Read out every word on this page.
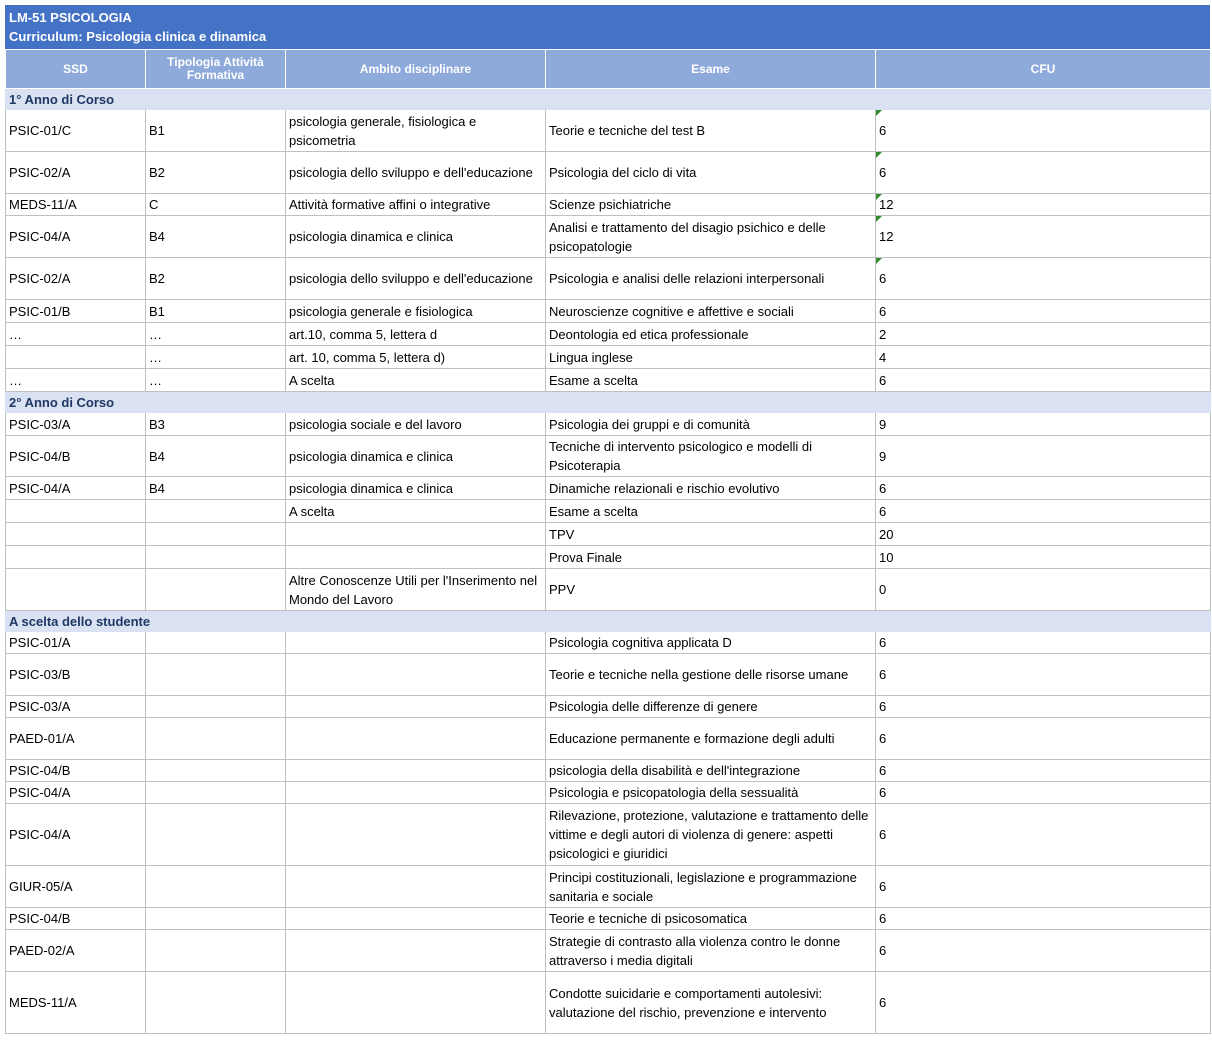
LM-51 PSICOLOGIA
Curriculum: Psicologia clinica e dinamica
SSD	Tipologia Attività Formativa	Ambito disciplinare	Esame	CFU
1° Anno di Corso				
PSIC-01/C	B1	psicologia generale, fisiologica e psicometria	Teorie e tecniche del test B	6
PSIC-02/A	B2	psicologia dello sviluppo e dell'educazione	Psicologia del ciclo di vita	6
MEDS-11/A	C	Attività formative affini o integrative	Scienze psichiatriche	12
PSIC-04/A	B4	psicologia dinamica e clinica	Analisi e trattamento del disagio psichico e delle psicopatologie	12
PSIC-02/A	B2	psicologia dello sviluppo e dell'educazione	Psicologia e analisi delle relazioni interpersonali	6
PSIC-01/B	B1	psicologia generale e fisiologica	Neuroscienze cognitive e affettive e sociali	6
…	…	art.10, comma 5, lettera d	Deontologia ed etica professionale	2
	…	art. 10, comma 5, lettera d)	Lingua inglese	4
…	…	A scelta	Esame a scelta	6
2° Anno di Corso				
PSIC-03/A	B3	psicologia sociale e del lavoro	Psicologia dei gruppi e di comunità	9
PSIC-04/B	B4	psicologia dinamica e clinica	Tecniche di intervento psicologico e modelli di Psicoterapia	9
PSIC-04/A	B4	psicologia dinamica e clinica	Dinamiche relazionali e rischio evolutivo	6
		A scelta	Esame a scelta	6
			TPV	20
			Prova Finale	10
		Altre Conoscenze Utili per l'Inserimento nel Mondo del Lavoro	PPV	0
A scelta dello studente				
PSIC-01/A			Psicologia cognitiva applicata D	6
PSIC-03/B			Teorie e tecniche nella gestione delle risorse umane	6
PSIC-03/A			Psicologia delle differenze di genere	6
PAED-01/A			Educazione permanente e formazione degli adulti	6
PSIC-04/B			psicologia della disabilità e dell'integrazione	6
PSIC-04/A			Psicologia e psicopatologia della sessualità	6
PSIC-04/A			Rilevazione, protezione, valutazione e trattamento delle vittime e degli autori di violenza di genere: aspetti psicologici e giuridici	6
GIUR-05/A			Principi costituzionali, legislazione e programmazione sanitaria e sociale	6
PSIC-04/B			Teorie e tecniche di psicosomatica	6
PAED-02/A			Strategie di contrasto alla violenza contro le donne attraverso i media digitali	6
MEDS-11/A			Condotte suicidarie e comportamenti autolesivi: valutazione del rischio, prevenzione e intervento	6
